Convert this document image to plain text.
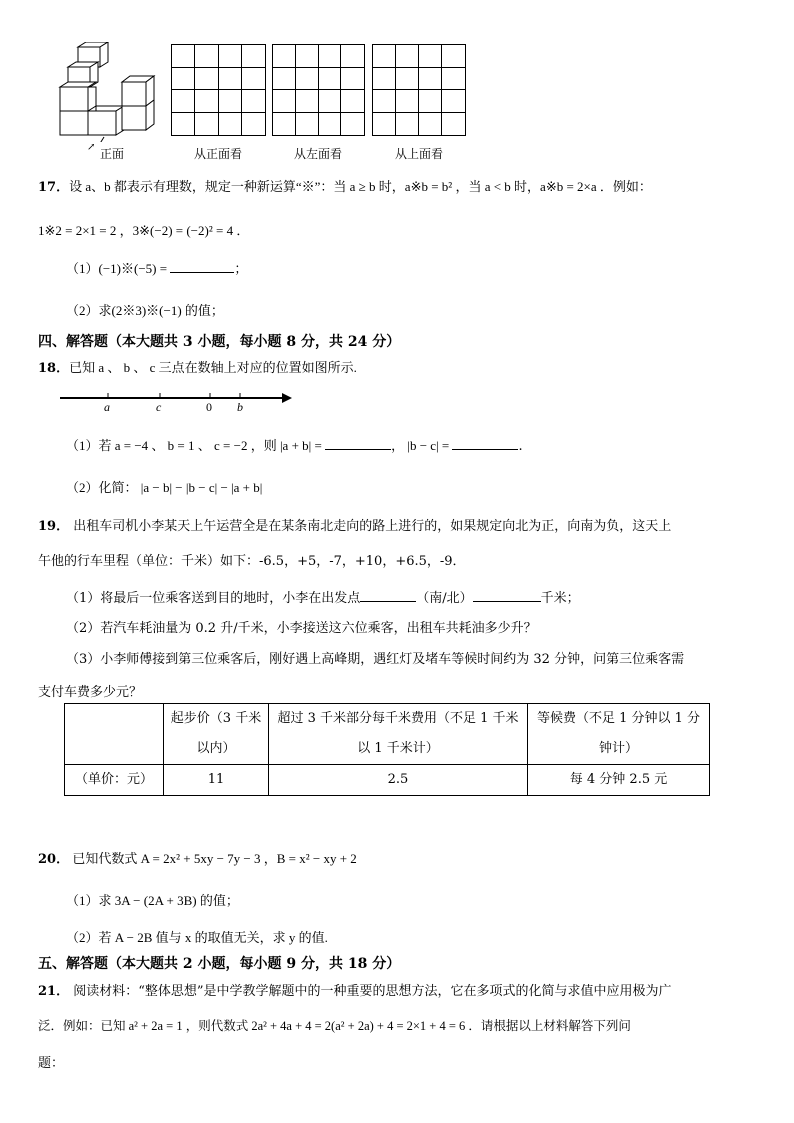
↗ 正面	从正面看	从左面看	从上面看
17．设 a、b 都表示有理数，规定一种新运算“※”：当 a ≥ b 时，a※b = b² ，当 a < b 时，a※b = 2×a ．例如：
1※2 = 2×1 = 2 ，3※(−2) = (−2)² = 4 ．
（1）(−1)※(−5) =	；
（2）求(2※3)※(−1) 的值；
四、解答题（本大题共 3 小题，每小题 8 分，共 24 分）
18．已知 a 、 b 、 c 三点在数轴上对应的位置如图所示.
a	c	0 b
（1）若 a = −4 、 b = 1 、 c = −2 ，则 |a + b| =	， |b − c| =	.
（2）化简： |a − b| − |b − c| − |a + b|
19． 出租车司机小李某天上午运营全是在某条南北走向的路上进行的，如果规定向北为正，向南为负，这天上
午他的行车里程（单位：千米）如下：-6.5，+5，-7，+10，+6.5，-9．
（1）将最后一位乘客送到目的地时，小李在出发点	（南/北）	千米；
（2）若汽车耗油量为 0.2 升/千米，小李接送这六位乘客，出租车共耗油多少升？
（3）小李师傅接到第三位乘客后，刚好遇上高峰期，遇红灯及堵车等候时间约为 32 分钟，问第三位乘客需
支付车费多少元？
	起步价（3 千米以内）	超过 3 千米部分每千米费用（不足 1 千米以 1 千米计）	等候费（不足 1 分钟以 1 分钟计）
（单价：元）	11	2.5	每 4 分钟 2.5 元
20． 已知代数式 A = 2x² + 5xy − 7y − 3 ，B = x² − xy + 2
（1）求 3A − (2A + 3B) 的值；
（2）若 A − 2B 值与 x 的取值无关，求 y 的值.
五、解答题（本大题共 2 小题，每小题 9 分，共 18 分）
21． 阅读材料：“整体思想”是中学教学解题中的一种重要的思想方法，它在多项式的化简与求值中应用极为广
泛．例如：已知 a² + 2a = 1 ，则代数式 2a² + 4a + 4 = 2(a² + 2a) + 4 = 2×1 + 4 = 6 ．请根据以上材料解答下列问
题：
